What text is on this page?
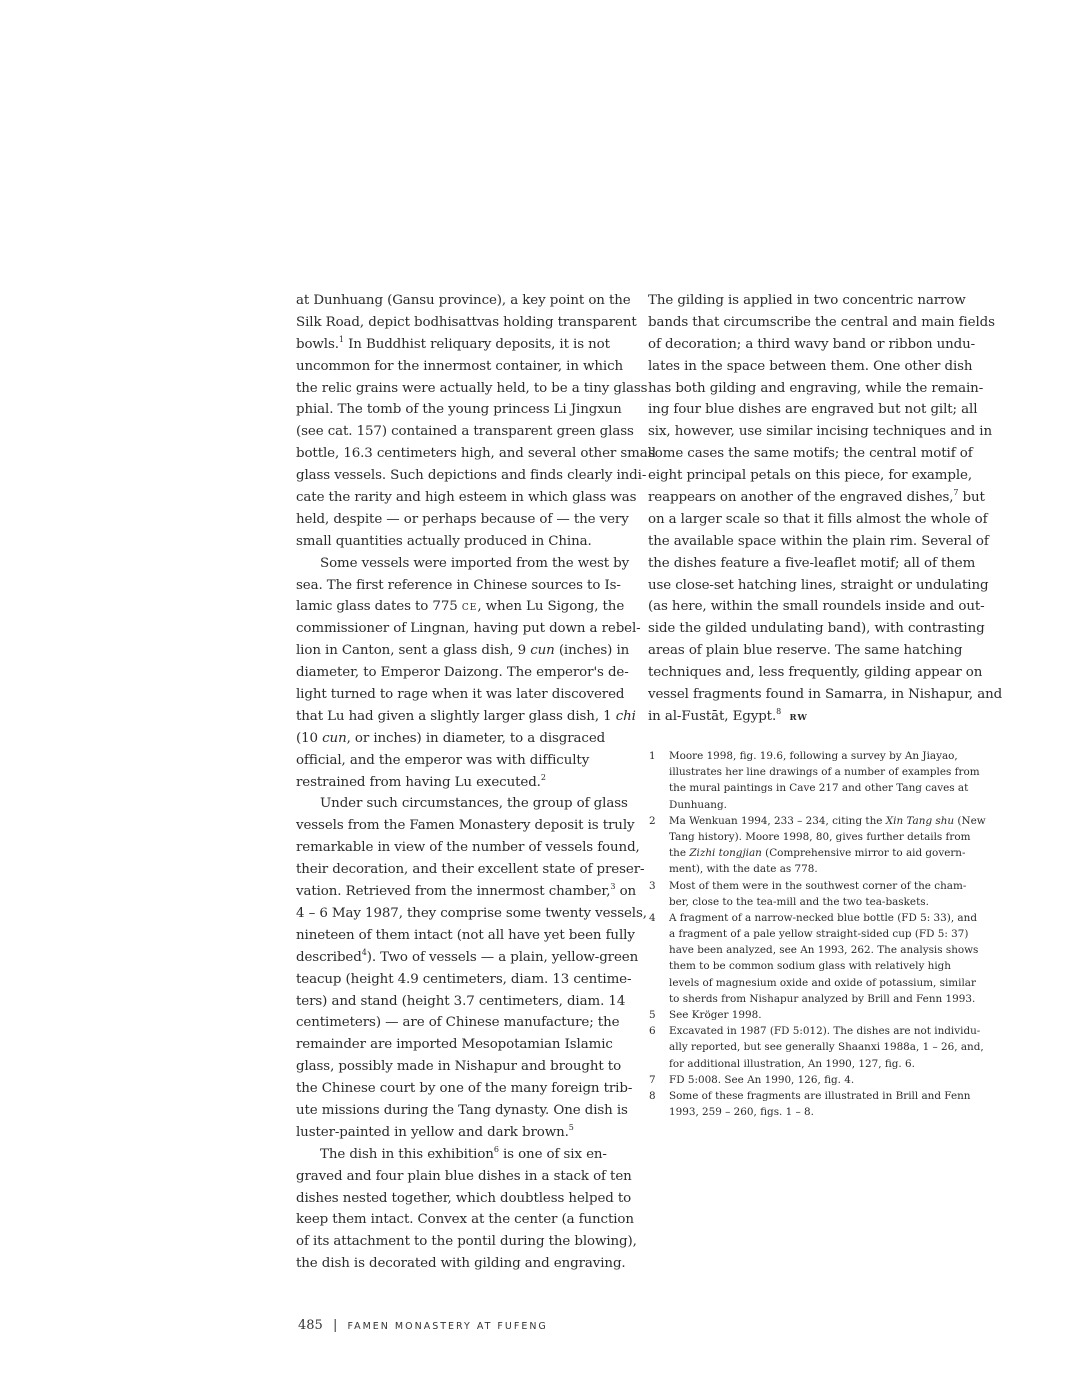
at Dunhuang (Gansu province), a key point on the
Silk Road, depict bodhisattvas holding transparent
bowls.$^1$ In Buddhist reliquary deposits, it is not
uncommon for the innermost container, in which
the relic grains were actually held, to be a tiny glass
phial. The tomb of the young princess Li Jingxun
(see cat. 157) contained a transparent green glass
bottle, 16.3 centimeters high, and several other small
glass vessels. Such depictions and finds clearly indi-
cate the rarity and high esteem in which glass was
held, despite — or perhaps because of — the very
small quantities actually produced in China.
Some vessels were imported from the west by
sea. The first reference in Chinese sources to Is-
lamic glass dates to 775 CE, when Lu Sigong, the
commissioner of Lingnan, having put down a rebel-
lion in Canton, sent a glass dish, 9 cun (inches) in
diameter, to Emperor Daizong. The emperor's de-
light turned to rage when it was later discovered
that Lu had given a slightly larger glass dish, 1 chi
(10 cun, or inches) in diameter, to a disgraced
official, and the emperor was with difficulty
restrained from having Lu executed.$^2$
Under such circumstances, the group of glass
vessels from the Famen Monastery deposit is truly
remarkable in view of the number of vessels found,
their decoration, and their excellent state of preser-
vation. Retrieved from the innermost chamber,$^3$ on
4 – 6 May 1987, they comprise some twenty vessels,
nineteen of them intact (not all have yet been fully
described$^4$). Two of vessels — a plain, yellow-green
teacup (height 4.9 centimeters, diam. 13 centime-
ters) and stand (height 3.7 centimeters, diam. 14
centimeters) — are of Chinese manufacture; the
remainder are imported Mesopotamian Islamic
glass, possibly made in Nishapur and brought to
the Chinese court by one of the many foreign trib-
ute missions during the Tang dynasty. One dish is
luster-painted in yellow and dark brown.$^5$
The dish in this exhibition$^6$ is one of six en-
graved and four plain blue dishes in a stack of ten
dishes nested together, which doubtless helped to
keep them intact. Convex at the center (a function
of its attachment to the pontil during the blowing),
the dish is decorated with gilding and engraving.
The gilding is applied in two concentric narrow
bands that circumscribe the central and main fields
of decoration; a third wavy band or ribbon undu-
lates in the space between them. One other dish
has both gilding and engraving, while the remain-
ing four blue dishes are engraved but not gilt; all
six, however, use similar incising techniques and in
some cases the same motifs; the central motif of
eight principal petals on this piece, for example,
reappears on another of the engraved dishes,$^7$ but
on a larger scale so that it fills almost the whole of
the available space within the plain rim. Several of
the dishes feature a five-leaflet motif; all of them
use close-set hatching lines, straight or undulating
(as here, within the small roundels inside and out-
side the gilded undulating band), with contrasting
areas of plain blue reserve. The same hatching
techniques and, less frequently, gilding appear on
vessel fragments found in Samarra, in Nishapur, and
in al-Fustāt, Egypt.$^8$  RW
1	Moore 1998, fig. 19.6, following a survey by An Jiayao,
illustrates her line drawings of a number of examples from
the mural paintings in Cave 217 and other Tang caves at
Dunhuang.
2	Ma Wenkuan 1994, 233 – 234, citing the Xin Tang shu (New
Tang history). Moore 1998, 80, gives further details from
the Zizhi tongjian (Comprehensive mirror to aid govern-
ment), with the date as 778.
3	Most of them were in the southwest corner of the cham-
ber, close to the tea-mill and the two tea-baskets.
4	A fragment of a narrow-necked blue bottle (FD 5: 33), and
a fragment of a pale yellow straight-sided cup (FD 5: 37)
have been analyzed, see An 1993, 262. The analysis shows
them to be common sodium glass with relatively high
levels of magnesium oxide and oxide of potassium, similar
to sherds from Nishapur analyzed by Brill and Fenn 1993.
5	See Kröger 1998.
6	Excavated in 1987 (FD 5:012). The dishes are not individu-
ally reported, but see generally Shaanxi 1988a, 1 – 26, and,
for additional illustration, An 1990, 127, fig. 6.
7	FD 5:008. See An 1990, 126, fig. 4.
8	Some of these fragments are illustrated in Brill and Fenn
1993, 259 – 260, figs. 1 – 8.
485 | FAMEN MONASTERY AT FUFENG
